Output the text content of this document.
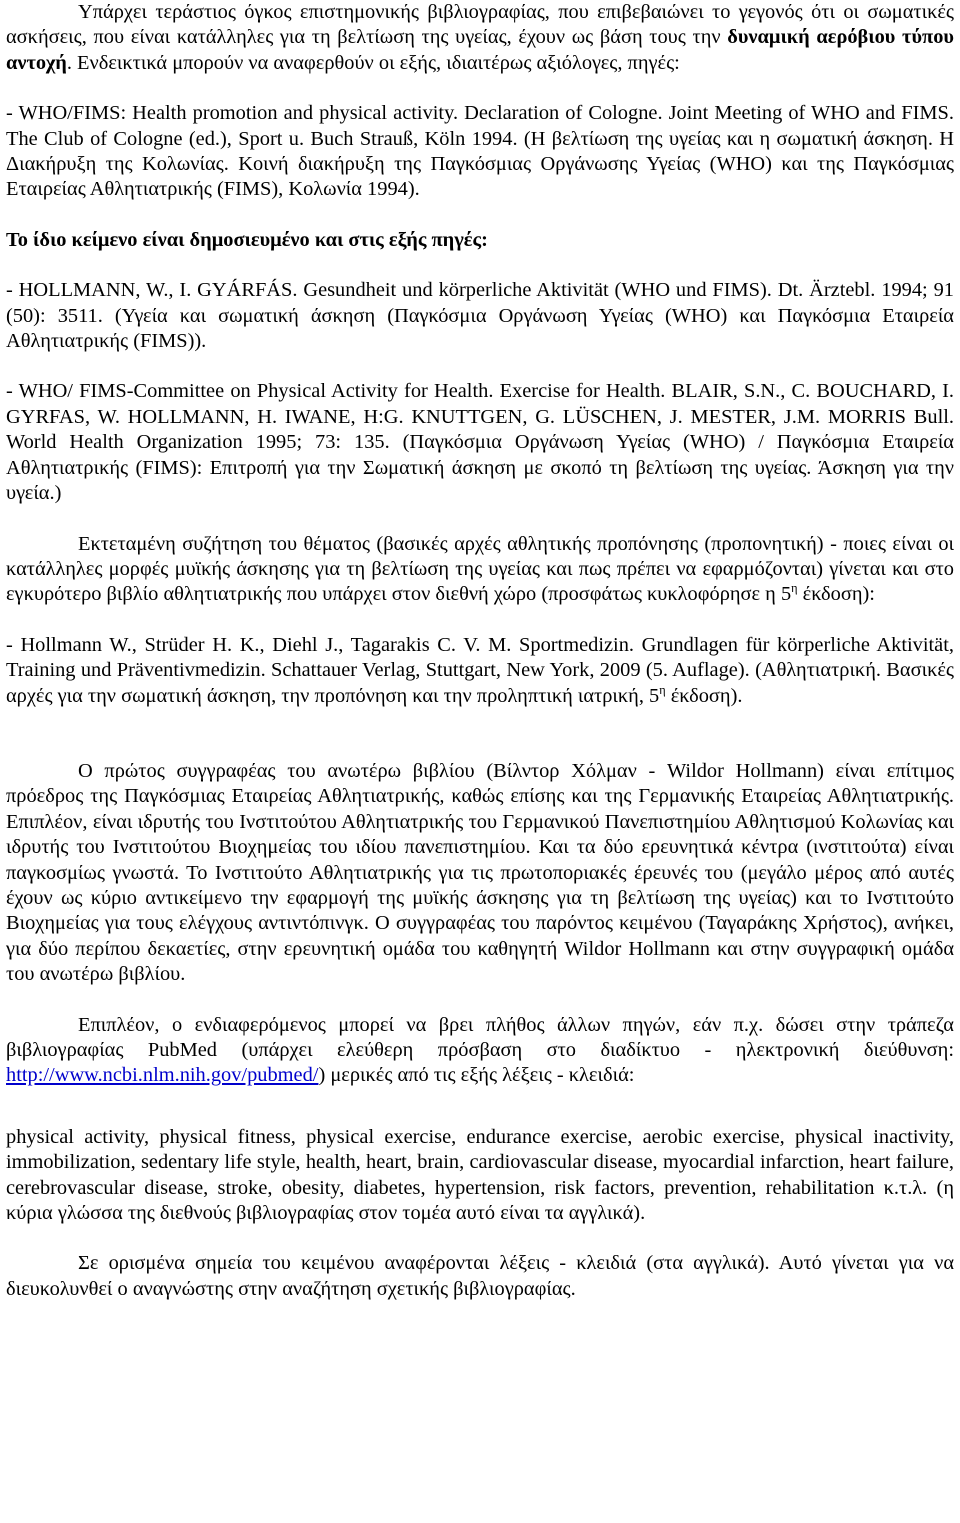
Υπάρχει τεράστιος όγκος επιστημονικής βιβλιογραφίας, που επιβεβαιώνει το γεγονός ότι οι σωματικές ασκήσεις, που είναι κατάλληλες για τη βελτίωση της υγείας, έχουν ως βάση τους την δυναμική αερόβιου τύπου αντοχή. Ενδεικτικά μπορούν να αναφερθούν οι εξής, ιδιαιτέρως αξιόλογες, πηγές:

- WHO/FIMS: Health promotion and physical activity. Declaration of Cologne. Joint Meeting of WHO and FIMS. The Club of Cologne (ed.), Sport u. Buch Strauß, Köln 1994. (Η βελτίωση της υγείας και η σωματική άσκηση. Η Διακήρυξη της Κολωνίας. Κοινή διακήρυξη της Παγκόσμιας Οργάνωσης Υγείας (WHO) και της Παγκόσμιας Εταιρείας Αθλητιατρικής (FIMS), Κολωνία 1994).

Το ίδιο κείμενο είναι δημοσιευμένο και στις εξής πηγές:

- HOLLMANN, W., I. GYÁRFÁS. Gesundheit und körperliche Aktivität (WHO und FIMS). Dt. Ärztebl. 1994; 91 (50): 3511. (Υγεία και σωματική άσκηση (Παγκόσμια Οργάνωση Υγείας (WHO) και Παγκόσμια Εταιρεία Αθλητιατρικής (FIMS)).

- WHO/ FIMS-Committee on Physical Activity for Health. Exercise for Health. BLAIR, S.N., C. BOUCHARD, I. GYRFAS, W. HOLLMANN, H. IWANE, H:G. KNUTTGEN, G. LÜSCHEN, J. MESTER, J.M. MORRIS Bull. World Health Organization 1995; 73: 135. (Παγκόσμια Οργάνωση Υγείας (WHO) / Παγκόσμια Εταιρεία Αθλητιατρικής (FIMS): Επιτροπή για την Σωματική άσκηση με σκοπό τη βελτίωση της υγείας. Άσκηση για την υγεία.)

Εκτεταμένη συζήτηση του θέματος (βασικές αρχές αθλητικής προπόνησης (προπονητική) - ποιες είναι οι κατάλληλες μορφές μυϊκής άσκησης για τη βελτίωση της υγείας και πως πρέπει να εφαρμόζονται) γίνεται και στο εγκυρότερο βιβλίο αθλητιατρικής που υπάρχει στον διεθνή χώρο (προσφάτως κυκλοφόρησε η $5^\eta$ έκδοση):

- Hollmann W., Strüder H. K., Diehl J., Tagarakis C. V. M. Sportmedizin. Grundlagen für körperliche Aktivität, Training und Präventivmedizin. Schattauer Verlag, Stuttgart, New York, 2009 (5. Auflage). (Αθλητιατρική. Βασικές αρχές για την σωματική άσκηση, την προπόνηση και την προληπτική ιατρική, $5^\eta$ έκδοση).

Ο πρώτος συγγραφέας του ανωτέρω βιβλίου (Βίλντορ Χόλμαν - Wildor Hollmann) είναι επίτιμος πρόεδρος της Παγκόσμιας Εταιρείας Αθλητιατρικής, καθώς επίσης και της Γερμανικής Εταιρείας Αθλητιατρικής. Επιπλέον, είναι ιδρυτής του Ινστιτούτου Αθλητιατρικής του Γερμανικού Πανεπιστημίου Αθλητισμού Κολωνίας και ιδρυτής του Ινστιτούτου Βιοχημείας του ιδίου πανεπιστημίου. Και τα δύο ερευνητικά κέντρα (ινστιτούτα) είναι παγκοσμίως γνωστά. Το Ινστιτούτο Αθλητιατρικής για τις πρωτοποριακές έρευνές του (μεγάλο μέρος από αυτές έχουν ως κύριο αντικείμενο την εφαρμογή της μυϊκής άσκησης για τη βελτίωση της υγείας) και το Ινστιτούτο Βιοχημείας για τους ελέγχους αντιντόπινγκ. Ο συγγραφέας του παρόντος κειμένου (Ταγαράκης Χρήστος), ανήκει, για δύο περίπου δεκαετίες, στην ερευνητική ομάδα του καθηγητή Wildor Hollmann και στην συγγραφική ομάδα του ανωτέρω βιβλίου.

Επιπλέον, ο ενδιαφερόμενος μπορεί να βρει πλήθος άλλων πηγών, εάν π.χ. δώσει στην τράπεζα βιβλιογραφίας PubMed (υπάρχει ελεύθερη πρόσβαση στο διαδίκτυο - ηλεκτρονική διεύθυνση: http://www.ncbi.nlm.nih.gov/pubmed/) μερικές από τις εξής λέξεις - κλειδιά:

physical activity, physical fitness, physical exercise, endurance exercise, aerobic exercise, physical inactivity, immobilization, sedentary life style, health, heart, brain, cardiovascular disease, myocardial infarction, heart failure, cerebrovascular disease, stroke, obesity, diabetes, hypertension, risk factors, prevention, rehabilitation κ.τ.λ. (η κύρια γλώσσα της διεθνούς βιβλιογραφίας στον τομέα αυτό είναι τα αγγλικά).

Σε ορισμένα σημεία του κειμένου αναφέρονται λέξεις - κλειδιά (στα αγγλικά). Αυτό γίνεται για να διευκολυνθεί ο αναγνώστης στην αναζήτηση σχετικής βιβλιογραφίας.
